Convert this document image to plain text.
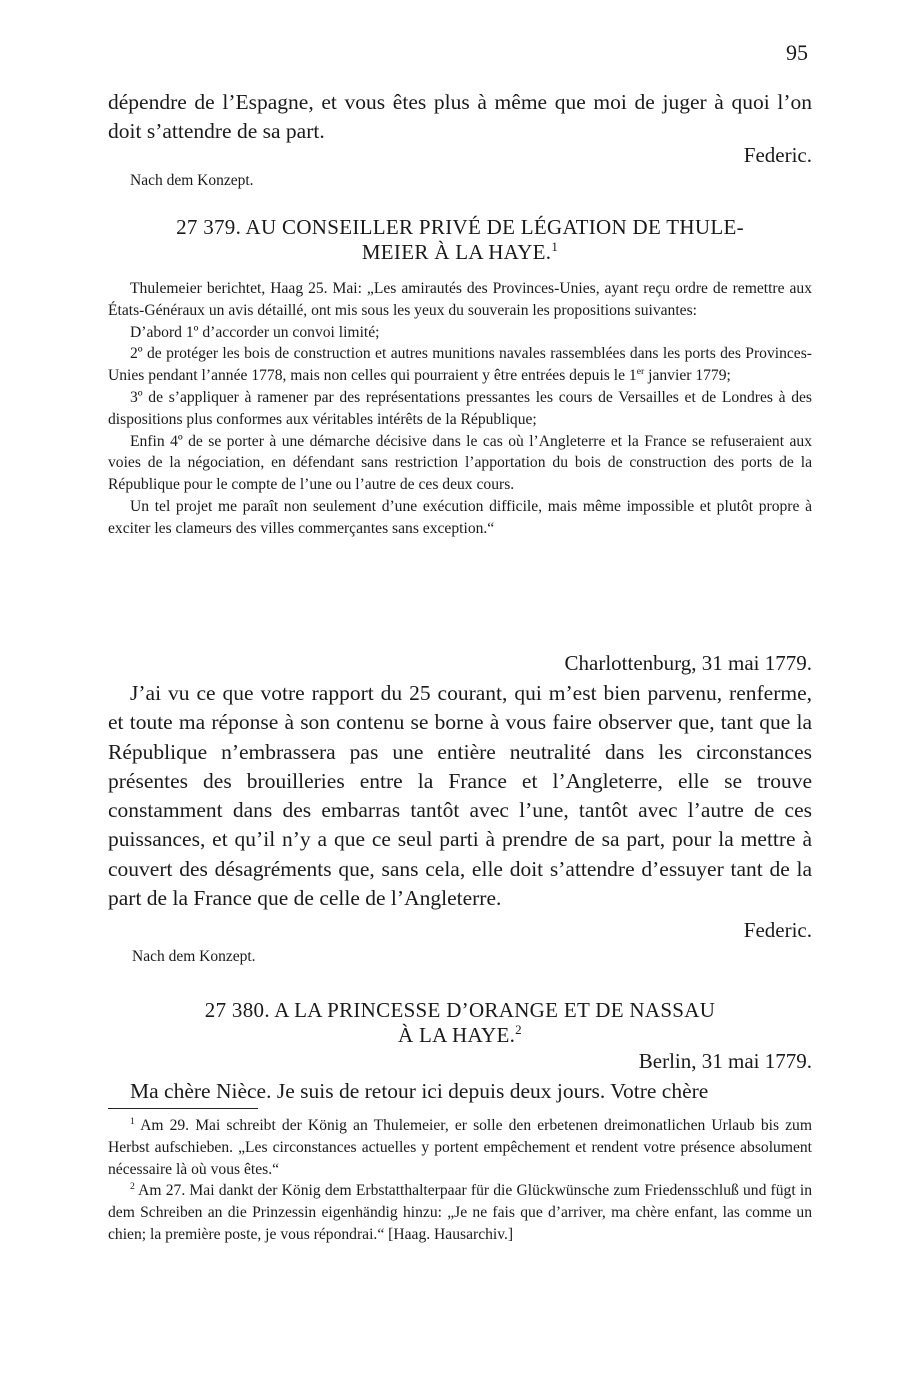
95
dépendre de l’Espagne, et vous êtes plus à même que moi de juger à quoi l’on doit s’attendre de sa part.
Federic.
Nach dem Konzept.

27 379. AU CONSEILLER PRIVÉ DE LÉGATION DE THULE-

MEIER À LA HAYE.$^1$

Thulemeier berichtet, Haag 25. Mai: „Les amirautés des Provinces-Unies, ayant reçu ordre de remettre aux États-Généraux un avis détaillé, ont mis sous les yeux du souverain les propositions suivantes:

D’abord 1º d’accorder un convoi limité;

2º de protéger les bois de construction et autres munitions navales rassemblées dans les ports des Provinces-Unies pendant l’année 1778, mais non celles qui pourraient y être entrées depuis le 1er janvier 1779;

3º de s’appliquer à ramener par des représentations pressantes les cours de Versailles et de Londres à des dispositions plus conformes aux véritables intérêts de la République;

Enfin 4º de se porter à une démarche décisive dans le cas où l’Angleterre et la France se refuseraient aux voies de la négociation, en défendant sans restriction l’apportation du bois de construction des ports de la République pour le compte de l’une ou l’autre de ces deux cours.

Un tel projet me paraît non seulement d’une exécution difficile, mais même impossible et plutôt propre à exciter les clameurs des villes commerçantes sans exception.“

Charlottenburg, 31 mai 1779.
J’ai vu ce que votre rapport du 25 courant, qui m’est bien parvenu, renferme, et toute ma réponse à son contenu se borne à vous faire observer que, tant que la République n’embrassera pas une entière neutralité dans les circonstances présentes des brouilleries entre la France et l’Angleterre, elle se trouve constamment dans des embarras tantôt avec l’une, tantôt avec l’autre de ces puissances, et qu’il n’y a que ce seul parti à prendre de sa part, pour la mettre à couvert des désagréments que, sans cela, elle doit s’attendre d’essuyer tant de la part de la France que de celle de l’Angleterre.
Federic.
Nach dem Konzept.

27 380. A LA PRINCESSE D’ORANGE ET DE NASSAU

À LA HAYE.$^2$

Berlin, 31 mai 1779.
Ma chère Nièce. Je suis de retour ici depuis deux jours. Votre chère

$^1$ Am 29. Mai schreibt der König an Thulemeier, er solle den erbetenen dreimonatlichen Urlaub bis zum Herbst aufschieben. „Les circonstances actuelles y portent empêchement et rendent votre présence absolument nécessaire là où vous êtes.“

$^2$ Am 27. Mai dankt der König dem Erbstatthalterpaar für die Glückwünsche zum Friedensschluß und fügt in dem Schreiben an die Prinzessin eigenhändig hinzu: „Je ne fais que d’arriver, ma chère enfant, las comme un chien; la première poste, je vous répondrai.“ [Haag. Hausarchiv.]
